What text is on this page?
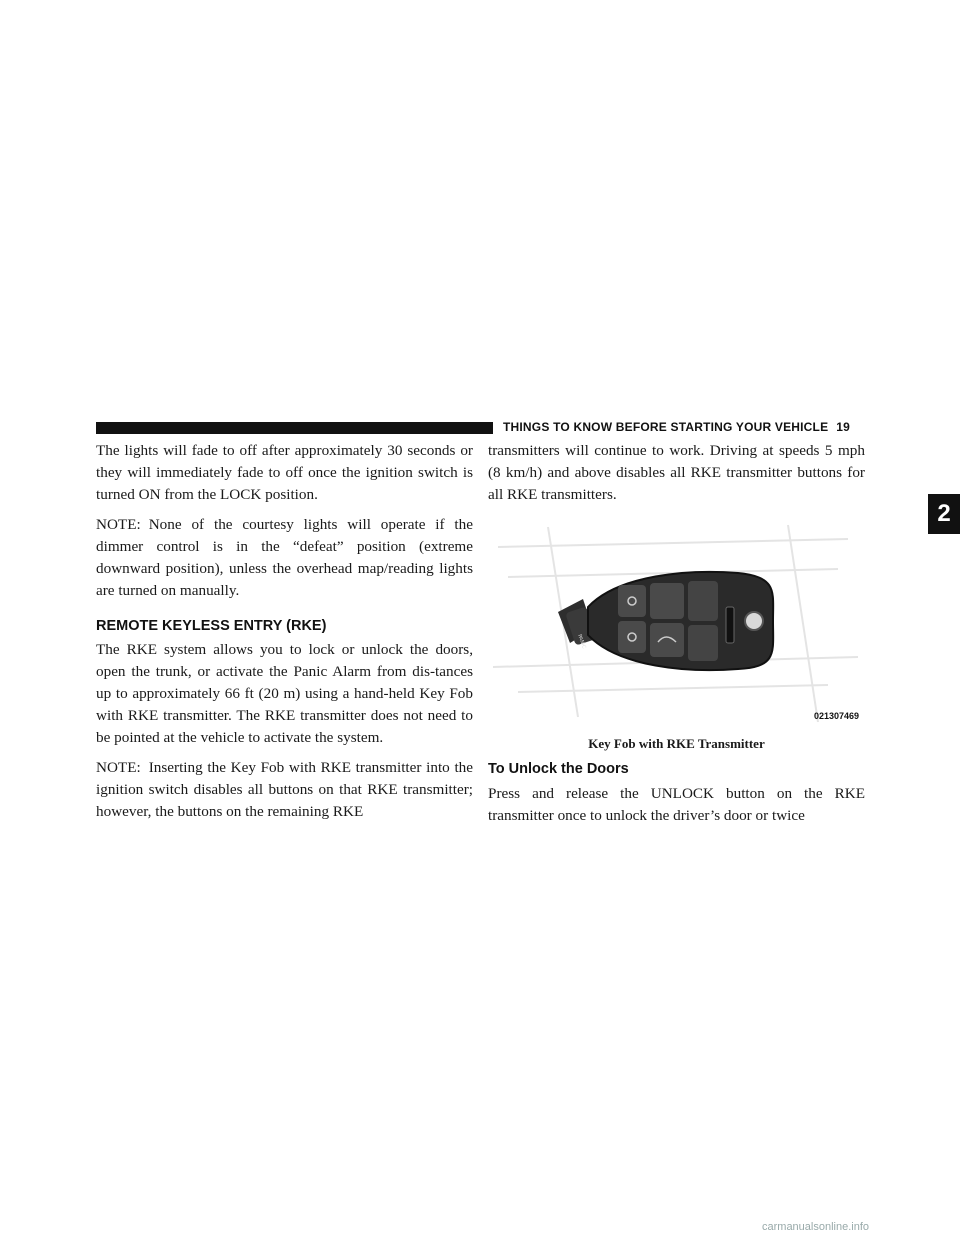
THINGS TO KNOW BEFORE STARTING YOUR VEHICLE 19
2

The lights will fade to off after approximately 30 seconds or they will immediately fade to off once the ignition switch is turned ON from the LOCK position.

NOTE: None of the courtesy lights will operate if the dimmer control is in the “defeat” position (extreme downward position), unless the overhead map/reading lights are turned on manually.

REMOTE KEYLESS ENTRY (RKE)

The RKE system allows you to lock or unlock the doors, open the trunk, or activate the Panic Alarm from dis-tances up to approximately 66 ft (20 m) using a hand-held Key Fob with RKE transmitter. The RKE transmitter does not need to be pointed at the vehicle to activate the system.

NOTE: Inserting the Key Fob with RKE transmitter into the ignition switch disables all buttons on that RKE transmitter; however, the buttons on the remaining RKE

transmitters will continue to work. Driving at speeds 5 mph (8 km/h) and above disables all RKE transmitter buttons for all RKE transmitters.

PANIC
021307469
Key Fob with RKE Transmitter
To Unlock the Doors

Press and release the UNLOCK button on the RKE transmitter once to unlock the driver’s door or twice

carmanualsonline.info
